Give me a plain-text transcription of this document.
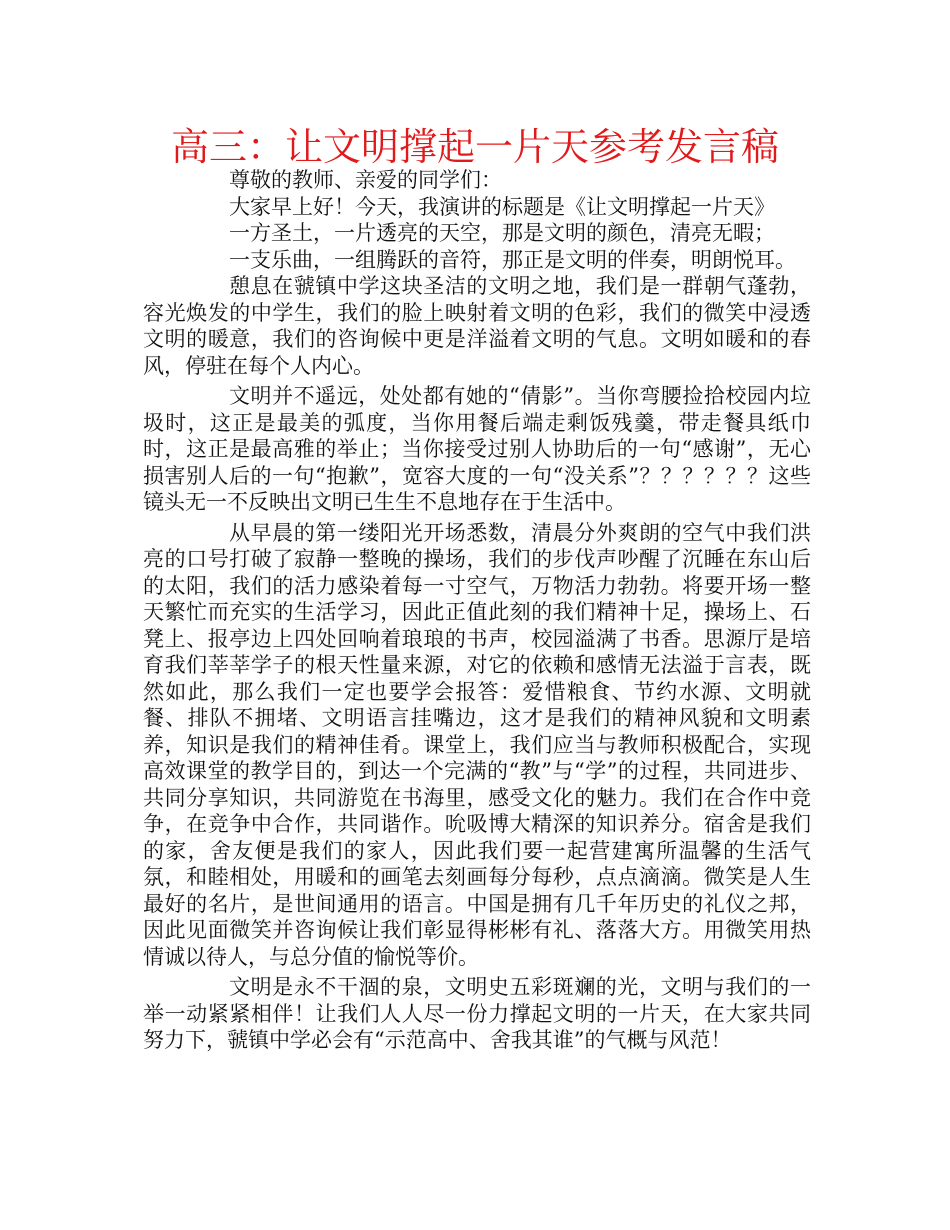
高三：让文明撑起一片天参考发言稿

尊敬的教师、亲爱的同学们：

大家早上好！今天，我演讲的标题是《让文明撑起一片天》

一方圣土，一片透亮的天空，那是文明的颜色，清亮无暇；

一支乐曲，一组腾跃的音符，那正是文明的伴奏，明朗悦耳。

憩息在虢镇中学这块圣洁的文明之地，我们是一群朝气蓬勃，容光焕发的中学生，我们的脸上映射着文明的色彩，我们的微笑中浸透文明的暖意，我们的咨询候中更是洋溢着文明的气息。文明如暖和的春风，停驻在每个人内心。

文明并不遥远，处处都有她的“倩影”。当你弯腰捡拾校园内垃圾时，这正是最美的弧度，当你用餐后端走剩饭残羹，带走餐具纸巾时，这正是最高雅的举止；当你接受过别人协助后的一句“感谢”，无心损害别人后的一句“抱歉”，宽容大度的一句“没关系”？？？？？？这些镜头无一不反映出文明已生生不息地存在于生活中。

从早晨的第一缕阳光开场悉数，清晨分外爽朗的空气中我们洪亮的口号打破了寂静一整晚的操场，我们的步伐声吵醒了沉睡在东山后的太阳，我们的活力感染着每一寸空气，万物活力勃勃。将要开场一整天繁忙而充实的生活学习，因此正值此刻的我们精神十足，操场上、石凳上、报亭边上四处回响着琅琅的书声，校园溢满了书香。思源厅是培育我们莘莘学子的根天性量来源，对它的依赖和感情无法溢于言表，既然如此，那么我们一定也要学会报答：爱惜粮食、节约水源、文明就餐、排队不拥堵、文明语言挂嘴边，这才是我们的精神风貌和文明素养，知识是我们的精神佳肴。课堂上，我们应当与教师积极配合，实现高效课堂的教学目的，到达一个完满的“教”与“学”的过程，共同进步、共同分享知识，共同游览在书海里，感受文化的魅力。我们在合作中竞争，在竞争中合作，共同谐作。吮吸博大精深的知识养分。宿舍是我们的家，舍友便是我们的家人，因此我们要一起营建寓所温馨的生活气氛，和睦相处，用暖和的画笔去刻画每分每秒，点点滴滴。微笑是人生最好的名片，是世间通用的语言。中国是拥有几千年历史的礼仪之邦，因此见面微笑并咨询候让我们彰显得彬彬有礼、落落大方。用微笑用热情诚以待人，与总分值的愉悦等价。

文明是永不干涸的泉，文明史五彩斑斓的光，文明与我们的一举一动紧紧相伴！让我们人人尽一份力撑起文明的一片天，在大家共同努力下，虢镇中学必会有“示范高中、舍我其谁”的气概与风范！
